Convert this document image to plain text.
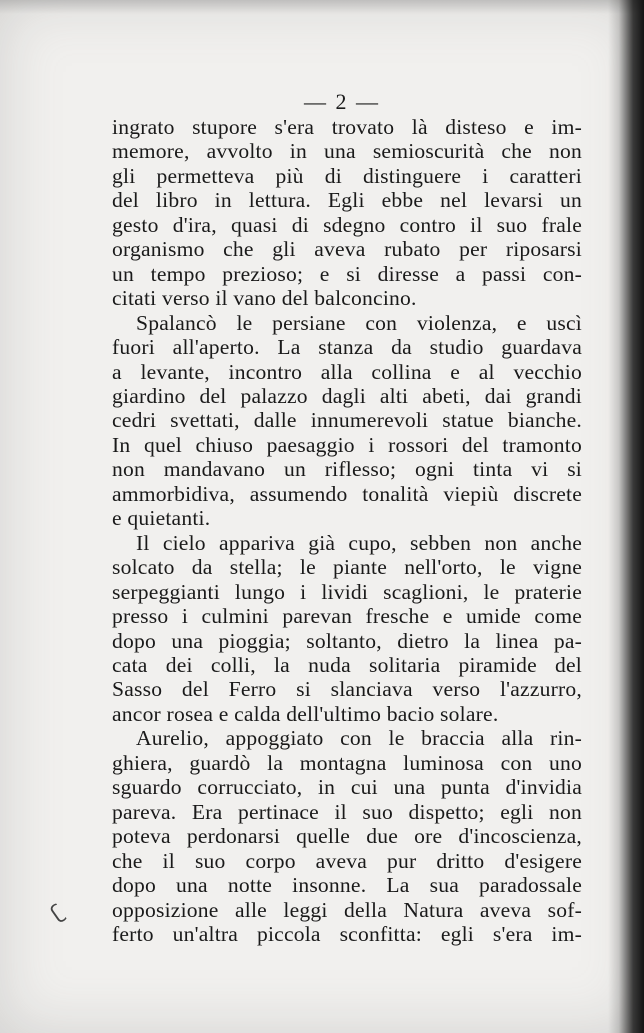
— 2 —
ingrato stupore s'era trovato là disteso e im-
memore, avvolto in una semioscurità che non
gli permetteva più di distinguere i caratteri
del libro in lettura. Egli ebbe nel levarsi un
gesto d'ira, quasi di sdegno contro il suo frale
organismo che gli aveva rubato per riposarsi
un tempo prezioso; e si diresse a passi con-
citati verso il vano del balconcino.
Spalancò le persiane con violenza, e uscì
fuori all'aperto. La stanza da studio guardava
a levante, incontro alla collina e al vecchio
giardino del palazzo dagli alti abeti, dai grandi
cedri svettati, dalle innumerevoli statue bianche.
In quel chiuso paesaggio i rossori del tramonto
non mandavano un riflesso; ogni tinta vi si
ammorbidiva, assumendo tonalità viepiù discrete
e quietanti.
Il cielo appariva già cupo, sebben non anche
solcato da stella; le piante nell'orto, le vigne
serpeggianti lungo i lividi scaglioni, le praterie
presso i culmini parevan fresche e umide come
dopo una pioggia; soltanto, dietro la linea pa-
cata dei colli, la nuda solitaria piramide del
Sasso del Ferro si slanciava verso l'azzurro,
ancor rosea e calda dell'ultimo bacio solare.
Aurelio, appoggiato con le braccia alla rin-
ghiera, guardò la montagna luminosa con uno
sguardo corrucciato, in cui una punta d'invidia
pareva. Era pertinace il suo dispetto; egli non
poteva perdonarsi quelle due ore d'incoscienza,
che il suo corpo aveva pur dritto d'esigere
dopo una notte insonne. La sua paradossale
opposizione alle leggi della Natura aveva sof-
ferto un'altra piccola sconfitta: egli s'era im-
ʗ
